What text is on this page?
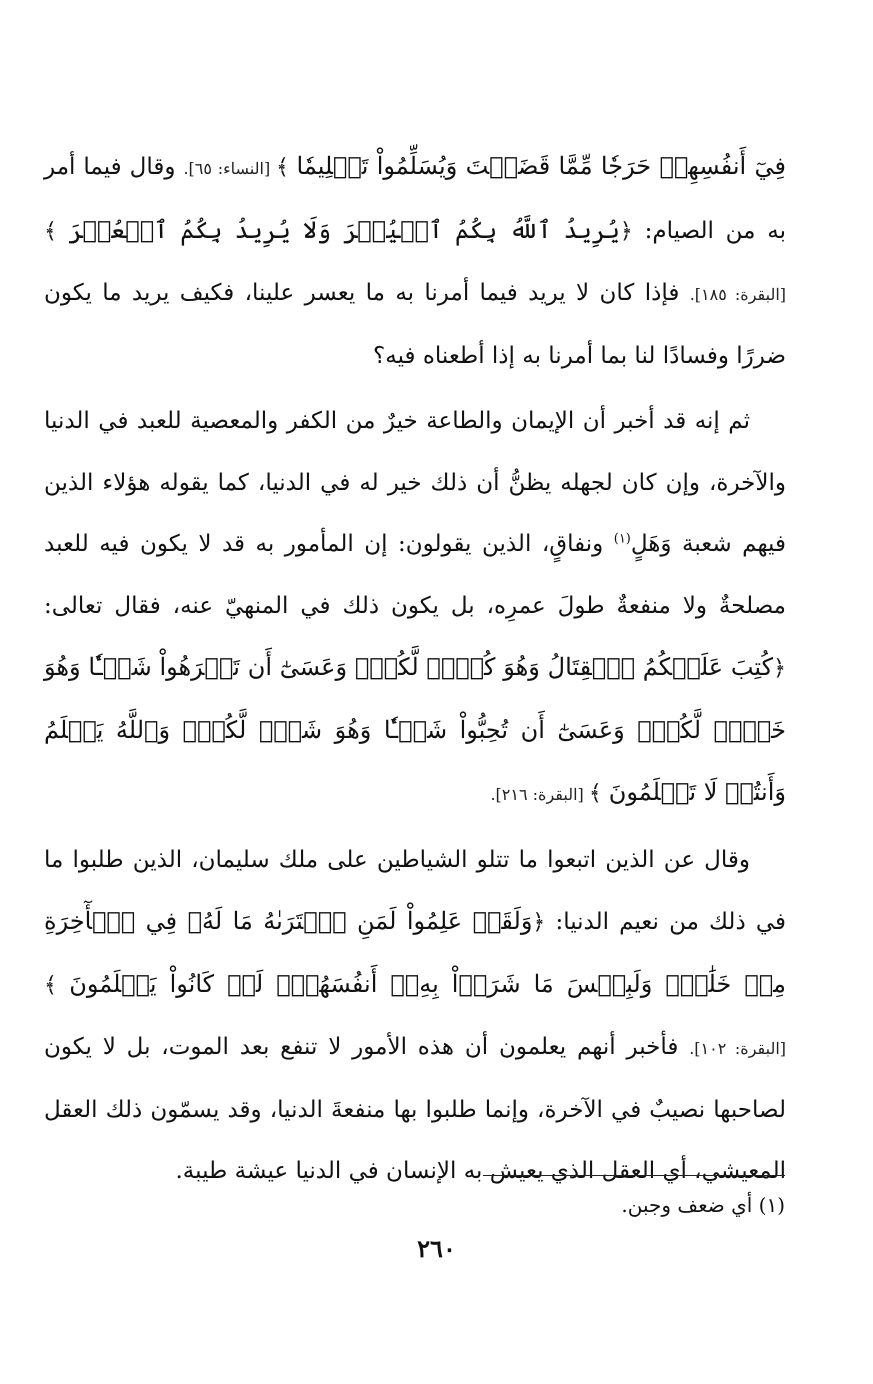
فِيٓ أَنفُسِهِمۡ حَرَجٗا مِّمَّا قَضَيۡتَ وَيُسَلِّمُواْ تَسۡلِيمٗا ﴾ [النساء: ٦٥]. وقال فيما أمر به من الصيام: ﴿يُرِيدُ ٱللَّهُ بِكُمُ ٱلۡيُسۡرَ وَلَا يُرِيدُ بِكُمُ ٱلۡعُسۡرَ ﴾ [البقرة: ١٨٥]. فإذا كان لا يريد فيما أمرنا به ما يعسر علينا، فكيف يريد ما يكون ضررًا وفسادًا لنا بما أمرنا به إذا أطعناه فيه؟

ثم إنه قد أخبر أن الإيمان والطاعة خيرٌ من الكفر والمعصية للعبد في الدنيا والآخرة، وإن كان لجهله يظنُّ أن ذلك خير له في الدنيا، كما يقوله هؤلاء الذين فيهم شعبة وَهَلٍ$^{(١)}$ ونفاقٍ، الذين يقولون: إن المأمور به قد لا يكون فيه للعبد مصلحةٌ ولا منفعةٌ طولَ عمرِه، بل يكون ذلك في المنهيّ عنه، فقال تعالى: ﴿كُتِبَ عَلَيۡكُمُ ٱلۡقِتَالُ وَهُوَ كُرۡهٞ لَّكُمۡۖ وَعَسَىٰٓ أَن تَكۡرَهُواْ شَيۡـٔٗا وَهُوَ خَيۡرٞ لَّكُمۡۖ وَعَسَىٰٓ أَن تُحِبُّواْ شَيۡـٔٗا وَهُوَ شَرّٞ لَّكُمۡۚ وَٱللَّهُ يَعۡلَمُ وَأَنتُمۡ لَا تَعۡلَمُونَ ﴾ [البقرة: ٢١٦].

وقال عن الذين اتبعوا ما تتلو الشياطين على ملك سليمان، الذين طلبوا ما في ذلك من نعيم الدنيا: ﴿وَلَقَدۡ عَلِمُواْ لَمَنِ ٱشۡتَرَىٰهُ مَا لَهُۥ فِي ٱلۡأٓخِرَةِ مِنۡ خَلَٰقٖۚ وَلَبِئۡسَ مَا شَرَوۡاْ بِهِۦٓ أَنفُسَهُمۡۚ لَوۡ كَانُواْ يَعۡلَمُونَ ﴾ [البقرة: ١٠٢]. فأخبر أنهم يعلمون أن هذه الأمور لا تنفع بعد الموت، بل لا يكون لصاحبها نصيبٌ في الآخرة، وإنما طلبوا بها منفعةَ الدنيا، وقد يسمّون ذلك العقل المعيشي، أي العقل الذي يعيش به الإنسان في الدنيا عيشة طيبة.

(١) أي ضعف وجبن.
٢٦٠
